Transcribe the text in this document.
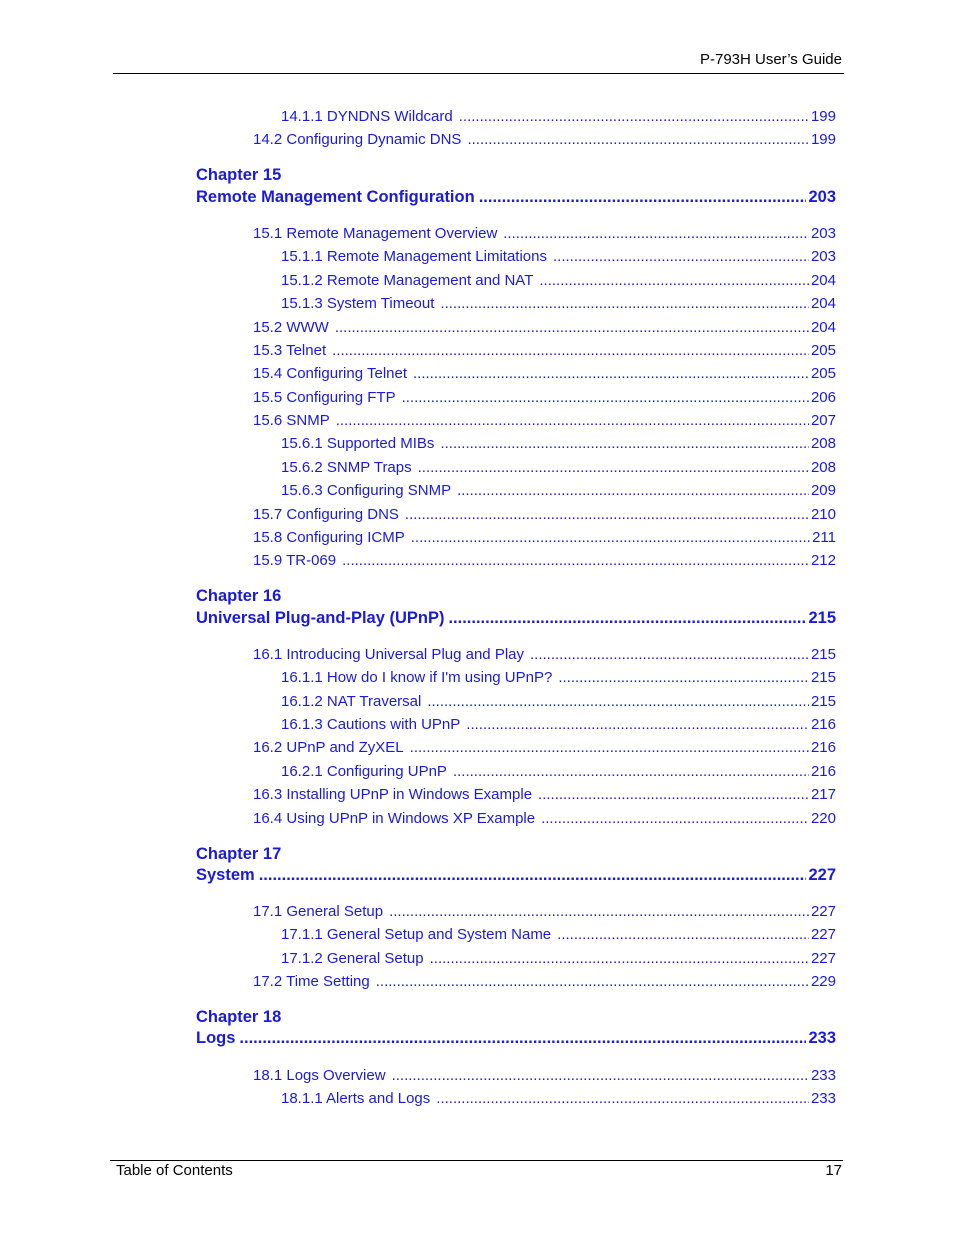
P-793H User’s Guide
14.1.1 DYNDNS Wildcard .....	199
14.2 Configuring Dynamic DNS .....	199
Chapter 15
Remote Management Configuration .....	203
15.1 Remote Management Overview .....	203
15.1.1 Remote Management Limitations .....	203
15.1.2 Remote Management and NAT .....	204
15.1.3 System Timeout .....	204
15.2 WWW .....	204
15.3 Telnet .....	205
15.4 Configuring Telnet .....	205
15.5 Configuring FTP .....	206
15.6 SNMP .....	207
15.6.1 Supported MIBs .....	208
15.6.2 SNMP Traps .....	208
15.6.3 Configuring SNMP .....	209
15.7 Configuring DNS .....	210
15.8 Configuring ICMP .....	211
15.9 TR-069 .....	212
Chapter 16
Universal Plug-and-Play (UPnP) .....	215
16.1 Introducing Universal Plug and Play .....	215
16.1.1 How do I know if I'm using UPnP? .....	215
16.1.2 NAT Traversal .....	215
16.1.3 Cautions with UPnP .....	216
16.2 UPnP and ZyXEL .....	216
16.2.1 Configuring UPnP .....	216
16.3 Installing UPnP in Windows Example .....	217
16.4 Using UPnP in Windows XP Example .....	220
Chapter 17
System .....	227
17.1 General Setup .....	227
17.1.1 General Setup and System Name .....	227
17.1.2 General Setup .....	227
17.2 Time Setting .....	229
Chapter 18
Logs .....	233
18.1 Logs Overview .....	233
18.1.1 Alerts and Logs .....	233
Table of Contents	17
